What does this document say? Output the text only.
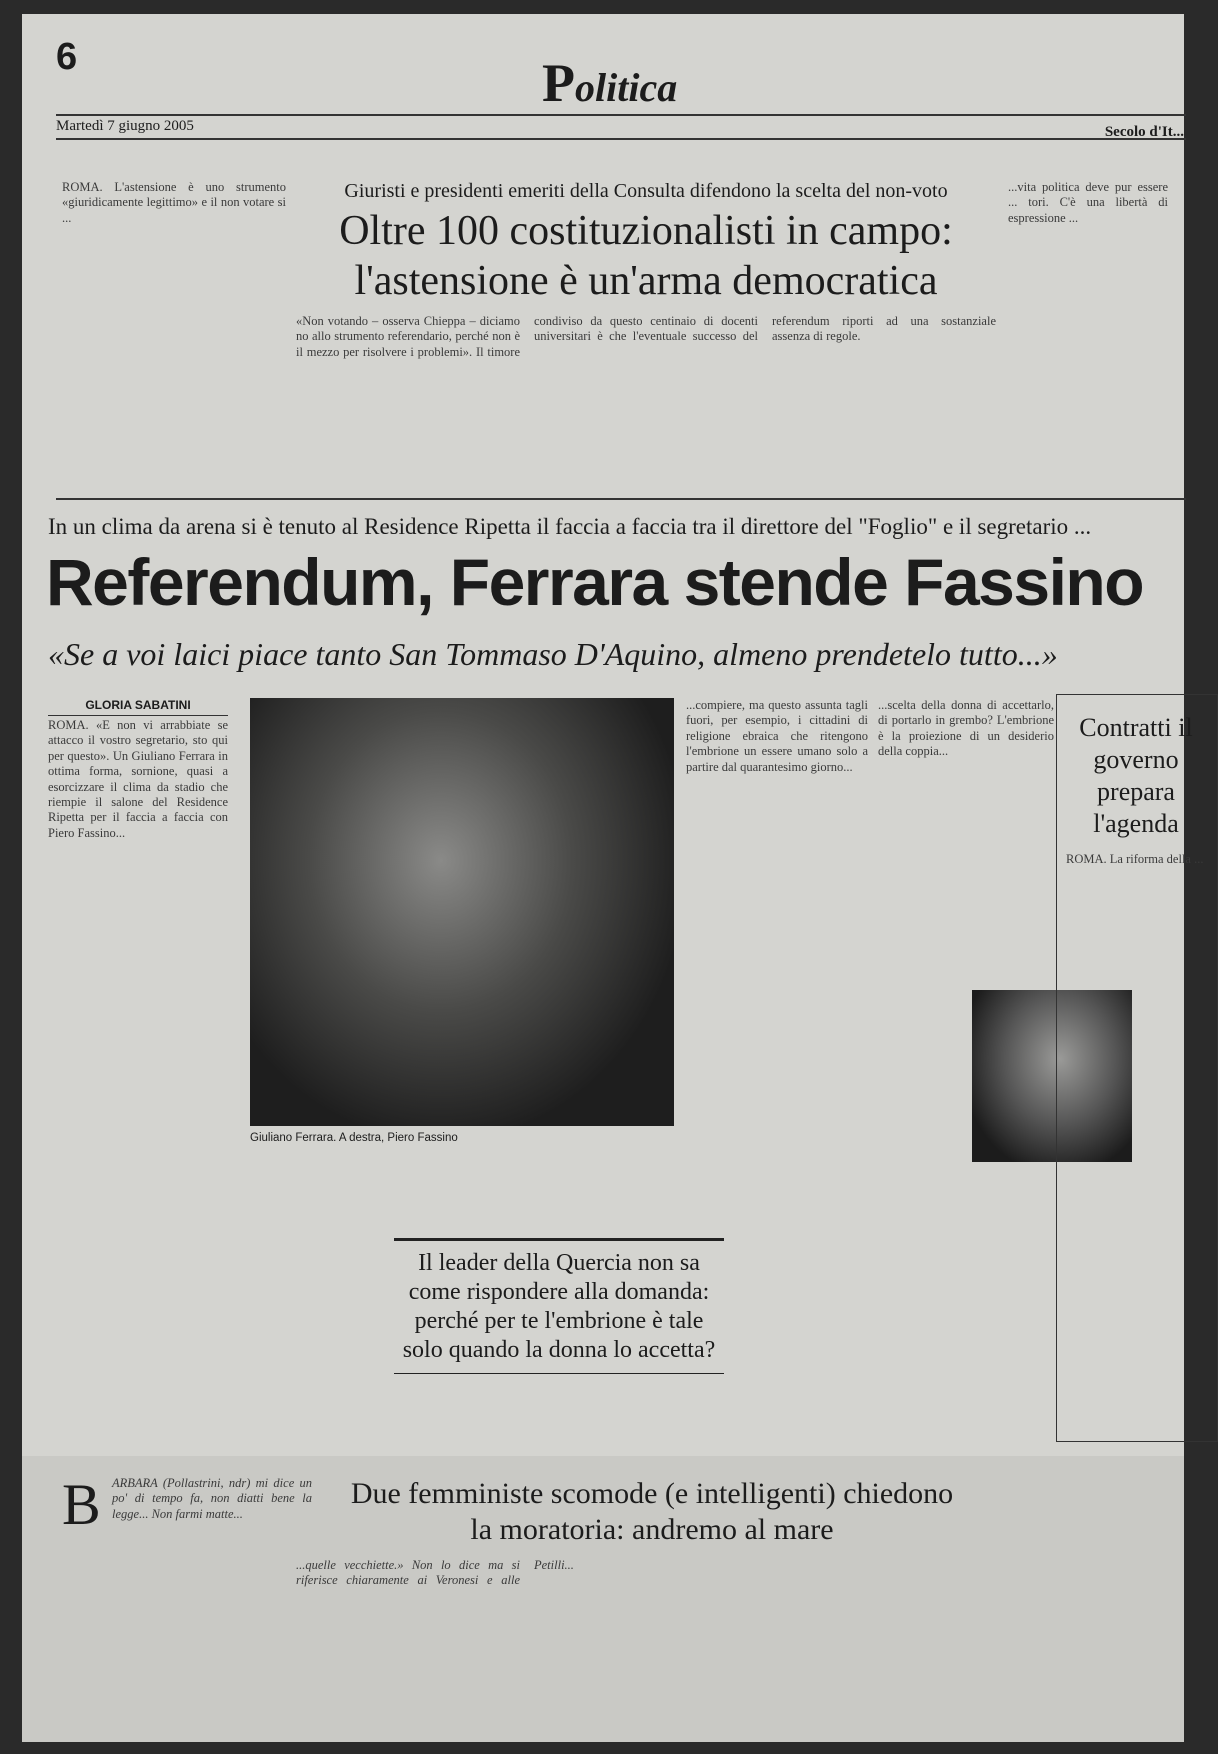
6	Politica
Martedì 7 giugno 2005	Secolo d'It...
ROMA. L'astensione è uno strumento «giuridicamente legittimo» e il non votare si ...
Giuristi e presidenti emeriti della Consulta difendono la scelta del non-voto
Oltre 100 costituzionalisti in campo: l'astensione è un'arma democratica
«Non votando – osserva Chieppa – diciamo no allo strumento referendario, perché non è il mezzo per risolvere i problemi». Il timore condiviso da questo centinaio di docenti universitari è che l'eventuale successo del referendum riporti ad una sostanziale assenza di regole.
...vita politica deve pur essere ... tori. C'è una libertà di espressione ...
In un clima da arena si è tenuto al Residence Ripetta il faccia a faccia tra il direttore del "Foglio" e il segretario ...
Referendum, Ferrara stende Fassino
«Se a voi laici piace tanto San Tommaso D'Aquino, almeno prendetelo tutto...»
GLORIA SABATINI
ROMA. «E non vi arrabbiate se attacco il vostro segretario, sto qui per questo». Un Giuliano Ferrara in ottima forma, sornione, quasi a esorcizzare il clima da stadio che riempie il salone del Residence Ripetta per il faccia a faccia con Piero Fassino...
Giuliano Ferrara. A destra, Piero Fassino
...compiere, ma questo assunta tagli fuori, per esempio, i cittadini di religione ebraica che ritengono l'embrione un essere umano solo a partire dal quarantesimo giorno...
...scelta della donna di accettarlo, di portarlo in grembo? L'embrione è la proiezione di un desiderio della coppia...
Il leader della Quercia non sa come rispondere alla domanda: perché per te l'embrione è tale solo quando la donna lo accetta?
Contratti il governo prepara l'agenda
ROMA. La riforma della ...
B ARBARA (Pollastrini, ndr) mi dice un po' di tempo fa, non diatti bene la legge... Non farmi matte...
Due femministe scomode (e intelligenti) chiedono la moratoria: andremo al mare
...quelle vecchiette.» Non lo dice ma si riferisce chiaramente ai Veronesi e alle Petilli...
